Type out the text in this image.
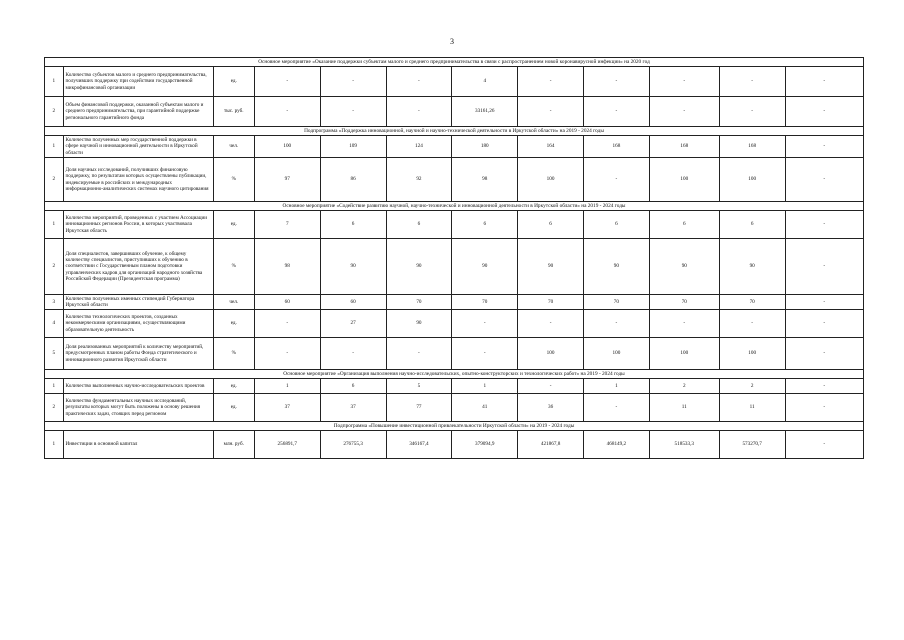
3
Основное мероприятие «Оказание поддержки субъектам малого и среднего предпринимательства в связи с распространением новой коронавирусной инфекции» на 2020 год											
1	Количество субъектов малого и среднего предпринимательства, получивших поддержку при содействии государственной микрофинансовой организации	ед.	-	-	-	4	-	-	-	-	-
2	Объем финансовой поддержки, оказанной субъектам малого и среднего предпринимательства, при гарантийной поддержке регионального гарантийного фонда	тыс. руб.	-	-	-	33161,26	-	-	-	-	-
Подпрограмма «Поддержка инновационной, научной и научно-технической деятельности в Иркутской области» на 2019 - 2024 годы											
1	Количество полученных мер государственной поддержки в сфере научной и инновационной деятельности в Иркутской области	чел.	100	109	124	180	164	168	168	168	-
2	Доля научных исследований, получивших финансовую поддержку, по результатам которых осуществлены публикации, индексируемые в российских и международных информационно-аналитических системах научного цитирования	%	97	86	92	98	100	-	100	100	-
Основное мероприятие «Содействие развитию научной, научно-технической и инновационной деятельности в Иркутской области» на 2019 - 2024 годы											
1	Количество мероприятий, проведенных с участием Ассоциации инновационных регионов России, в которых участвовала Иркутская область	ед.	7	6	6	6	6	6	6	6	-
2	Доля специалистов, завершивших обучение, к общему количеству специалистов, приступивших к обучению в соответствии с Государственным планом подготовки управленческих кадров для организаций народного хозяйства Российской Федерации (Президентская программа)	%	98	90	90	90	90	90	90	90	-
3	Количество полученных именных стипендий Губернатора Иркутской области	чел.	60	60	70	70	70	70	70	70	-
4	Количество технологических проектов, созданных некоммерческими организациями, осуществляющими образовательную деятельность	ед.	-	27	90	-	-	-	-	-	-
5	Доля реализованных мероприятий к количеству мероприятий, предусмотренных планом работы Фонда стратегического и инновационного развития Иркутской области	%	-	-	-	-	100	100	100	100	-
Основное мероприятие «Организация выполнения научно-исследовательских, опытно-конструкторских и технологических работ» на 2019 - 2024 годы											
1	Количество выполненных научно-исследовательских проектов	ед.	1	6	5	1	-	1	2	2	-
2	Количество фундаментальных научных исследований, результаты которых могут быть положены в основу решения практических задач, стоящих перед регионом	ед.	37	37	77	41	36	-	11	11	-
Подпрограмма «Повышение инвестиционной привлекательности Иркутской области» на 2019 - 2024 годы											
1	Инвестиции в основной капитал	млн. руб.	256891,7	276755,3	346167,4	379094,9	421867,8	468149,2	518533,3	573270,7	-
